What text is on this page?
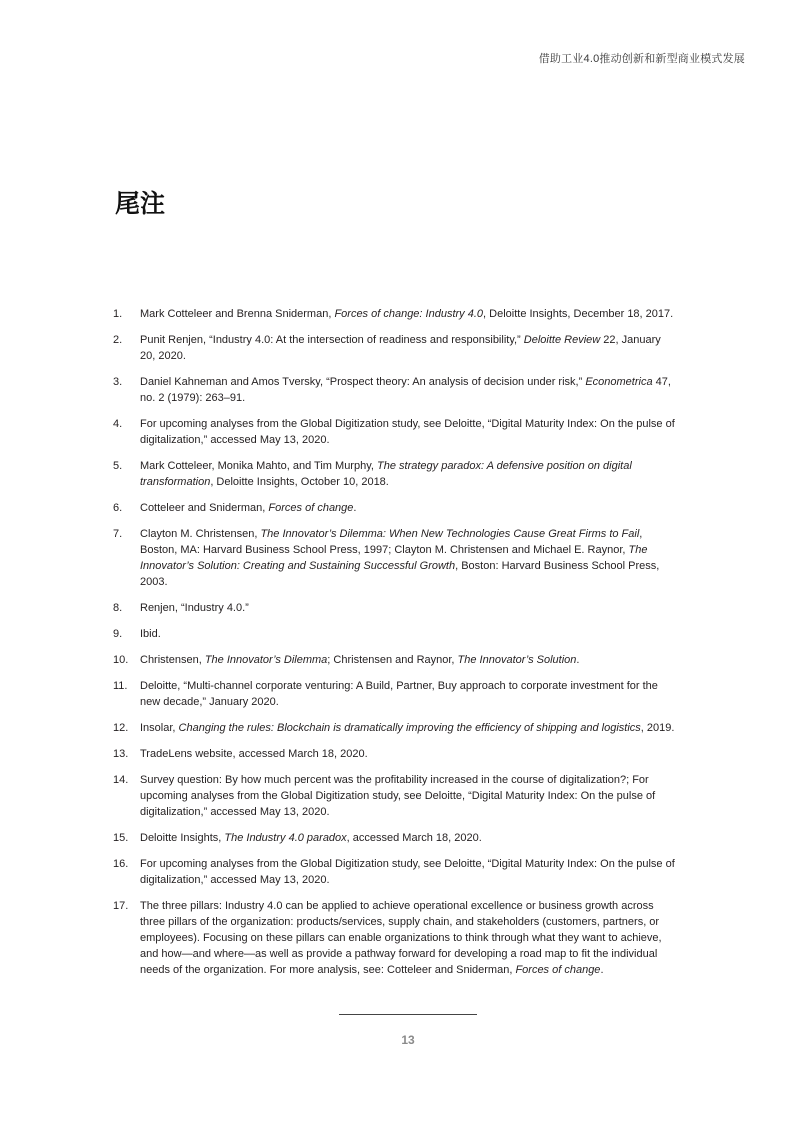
借助工业4.0推动创新和新型商业模式发展
尾注
1.	Mark Cotteleer and Brenna Sniderman, Forces of change: Industry 4.0, Deloitte Insights, December 18, 2017.
2.	Punit Renjen, “Industry 4.0: At the intersection of readiness and responsibility,” Deloitte Review 22, January 20, 2020.
3.	Daniel Kahneman and Amos Tversky, “Prospect theory: An analysis of decision under risk,” Econometrica 47, no. 2 (1979): 263–91.
4.	For upcoming analyses from the Global Digitization study, see Deloitte, “Digital Maturity Index: On the pulse of digitalization,” accessed May 13, 2020.
5.	Mark Cotteleer, Monika Mahto, and Tim Murphy, The strategy paradox: A defensive position on digital transformation, Deloitte Insights, October 10, 2018.
6.	Cotteleer and Sniderman, Forces of change.
7.	Clayton M. Christensen, The Innovator’s Dilemma: When New Technologies Cause Great Firms to Fail, Boston, MA: Harvard Business School Press, 1997; Clayton M. Christensen and Michael E. Raynor, The Innovator’s Solution: Creating and Sustaining Successful Growth, Boston: Harvard Business School Press, 2003.
8.	Renjen, “Industry 4.0.”
9.	Ibid.
10.	Christensen, The Innovator’s Dilemma; Christensen and Raynor, The Innovator’s Solution.
11.	Deloitte, “Multi-channel corporate venturing: A Build, Partner, Buy approach to corporate investment for the new decade,” January 2020.
12.	Insolar, Changing the rules: Blockchain is dramatically improving the efficiency of shipping and logistics, 2019.
13.	TradeLens website, accessed March 18, 2020.
14.	Survey question: By how much percent was the profitability increased in the course of digitalization?; For upcoming analyses from the Global Digitization study, see Deloitte, “Digital Maturity Index: On the pulse of digitalization,” accessed May 13, 2020.
15.	Deloitte Insights, The Industry 4.0 paradox, accessed March 18, 2020.
16.	For upcoming analyses from the Global Digitization study, see Deloitte, “Digital Maturity Index: On the pulse of digitalization,” accessed May 13, 2020.
17.	The three pillars: Industry 4.0 can be applied to achieve operational excellence or business growth across three pillars of the organization: products/services, supply chain, and stakeholders (customers, partners, or employees). Focusing on these pillars can enable organizations to think through what they want to achieve, and how—and where—as well as provide a pathway forward for developing a road map to fit the individual needs of the organization. For more analysis, see: Cotteleer and Sniderman, Forces of change.
13
